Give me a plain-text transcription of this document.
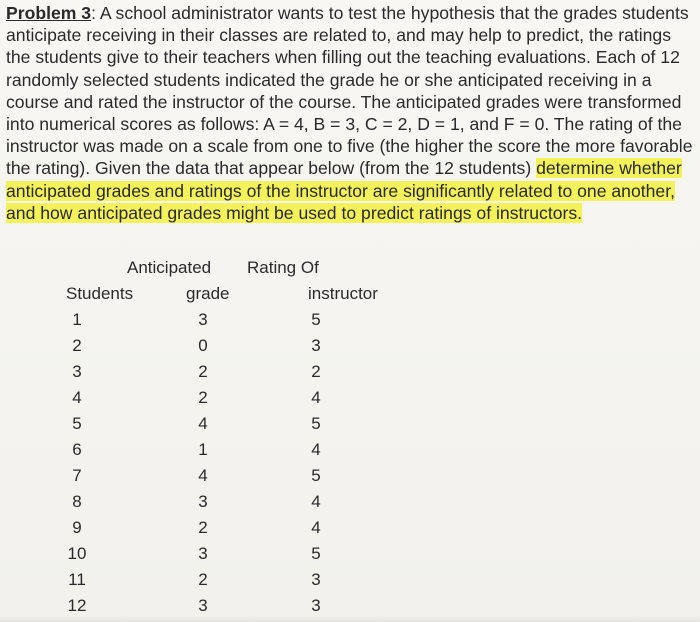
Problem 3: A school administrator wants to test the hypothesis that the grades students anticipate receiving in their classes are related to, and may help to predict, the ratings the students give to their teachers when filling out the teaching evaluations. Each of 12 randomly selected students indicated the grade he or she anticipated receiving in a course and rated the instructor of the course. The anticipated grades were transformed into numerical scores as follows: A = 4, B = 3, C = 2, D = 1, and F = 0. The rating of the instructor was made on a scale from one to five (the higher the score the more favorable the rating). Given the data that appear below (from the 12 students) determine whether anticipated grades and ratings of the instructor are significantly related to one another, and how anticipated grades might be used to predict ratings of instructors.
Anticipated Rating Of
Students	grade	instructor
1	3	5
2	0	3
3	2	2
4	2	4
5	4	5
6	1	4
7	4	5
8	3	4
9	2	4
10	3	5
11	2	3
12	3	3
